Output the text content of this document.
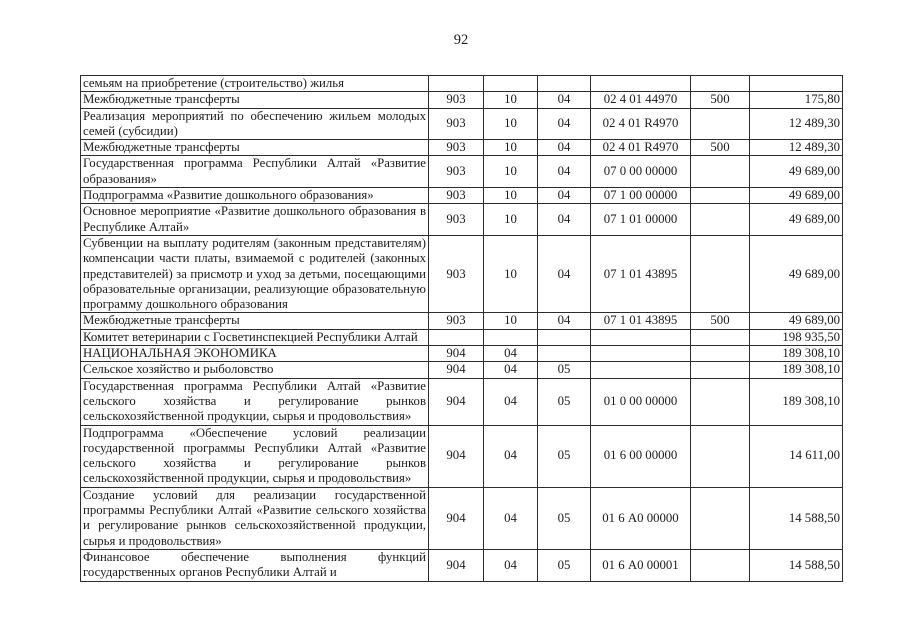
92
семьям на приобретение (строительство) жилья						
Межбюджетные трансферты	903	10	04	02 4 01 44970	500	175,80
Реализация мероприятий по обеспечению жильем молодых семей (субсидии)	903	10	04	02 4 01 R4970		12 489,30
Межбюджетные трансферты	903	10	04	02 4 01 R4970	500	12 489,30
Государственная программа Республики Алтай «Развитие образования»	903	10	04	07 0 00 00000		49 689,00
Подпрограмма «Развитие дошкольного образования»	903	10	04	07 1 00 00000		49 689,00
Основное мероприятие «Развитие дошкольного образования в Республике Алтай»	903	10	04	07 1 01 00000		49 689,00
Субвенции на выплату родителям (законным представителям) компенсации части платы, взимаемой с родителей (законных представителей) за присмотр и уход за детьми, посещающими образовательные организации, реализующие образовательную программу дошкольного образования	903	10	04	07 1 01 43895		49 689,00
Межбюджетные трансферты	903	10	04	07 1 01 43895	500	49 689,00
Комитет ветеринарии с Госветинспекцией Республики Алтай						198 935,50
НАЦИОНАЛЬНАЯ ЭКОНОМИКА	904	04				189 308,10
Сельское хозяйство и рыболовство	904	04	05			189 308,10
Государственная программа Республики Алтай «Развитие сельского хозяйства и регулирование рынков сельскохозяйственной продукции, сырья и продовольствия»	904	04	05	01 0 00 00000		189 308,10
Подпрограмма «Обеспечение условий реализации государственной программы Республики Алтай «Развитие сельского хозяйства и регулирование рынков сельскохозяйственной продукции, сырья и продовольствия»	904	04	05	01 6 00 00000		14 611,00
Создание условий для реализации государственной программы Республики Алтай «Развитие сельского хозяйства и регулирование рынков сельскохозяйственной продукции, сырья и продовольствия»	904	04	05	01 6 А0 00000		14 588,50
Финансовое обеспечение выполнения функций государственных органов Республики Алтай и	904	04	05	01 6 А0 00001		14 588,50
